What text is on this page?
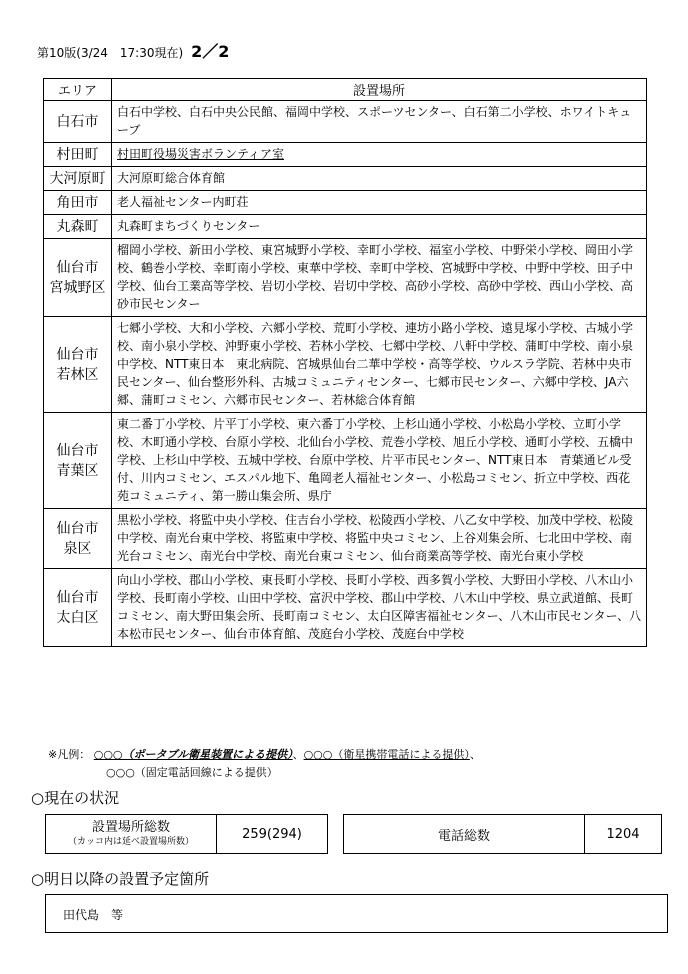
第10版(3/24　17:30現在) 2／2
エリア	設置場所
白石市	白石中学校、白石中央公民館、福岡中学校、スポーツセンター、白石第二小学校、ホワイトキューブ
村田町	村田町役場災害ボランティア室
大河原町	大河原町総合体育館
角田市	老人福祉センター内町荘
丸森町	丸森町まちづくりセンター
仙台市
宮城野区	榴岡小学校、新田小学校、東宮城野小学校、幸町小学校、福室小学校、中野栄小学校、岡田小学校、鶴巻小学校、幸町南小学校、東華中学校、幸町中学校、宮城野中学校、中野中学校、田子中学校、仙台工業高等学校、岩切小学校、岩切中学校、高砂小学校、高砂中学校、西山小学校、高砂市民センター
仙台市
若林区	七郷小学校、大和小学校、六郷小学校、荒町小学校、連坊小路小学校、遠見塚小学校、古城小学校、南小泉小学校、沖野東小学校、若林小学校、七郷中学校、八軒中学校、蒲町中学校、南小泉中学校、NTT東日本　東北病院、宮城県仙台二華中学校・高等学校、ウルスラ学院、若林中央市民センター、仙台整形外科、古城コミュニティセンター、七郷市民センター、六郷中学校、JA六郷、蒲町コミセン、六郷市民センター、若林総合体育館
仙台市
青葉区	東二番丁小学校、片平丁小学校、東六番丁小学校、上杉山通小学校、小松島小学校、立町小学校、木町通小学校、台原小学校、北仙台小学校、荒巻小学校、旭丘小学校、通町小学校、五橋中学校、上杉山中学校、五城中学校、台原中学校、片平市民センター、NTT東日本　青葉通ビル受付、川内コミセン、エスパル地下、亀岡老人福祉センター、小松島コミセン、折立中学校、西花苑コミュニティ、第一勝山集会所、県庁
仙台市
泉区	黒松小学校、将監中央小学校、住吉台小学校、松陵西小学校、八乙女中学校、加茂中学校、松陵中学校、南光台東中学校、将監東中学校、将監中央コミセン、上谷刈集会所、七北田中学校、南光台コミセン、南光台中学校、南光台東コミセン、仙台商業高等学校、南光台東小学校
仙台市
太白区	向山小学校、郡山小学校、東長町小学校、長町小学校、西多賀小学校、大野田小学校、八木山小学校、長町南小学校、山田中学校、富沢中学校、郡山中学校、八木山中学校、県立武道館、長町コミセン、南大野田集会所、長町南コミセン、太白区障害福祉センター、八木山市民センター、八本松市民センター、仙台市体育館、茂庭台小学校、茂庭台中学校
※凡例： ○○○（ポータブル衛星装置による提供）、○○○（衛星携帯電話による提供）、
○○○（固定電話回線による提供）
○現在の状況
設置場所総数
（カッコ内は延べ設置場所数）
259(294)	電話総数	1204
○明日以降の設置予定箇所
田代島　等
